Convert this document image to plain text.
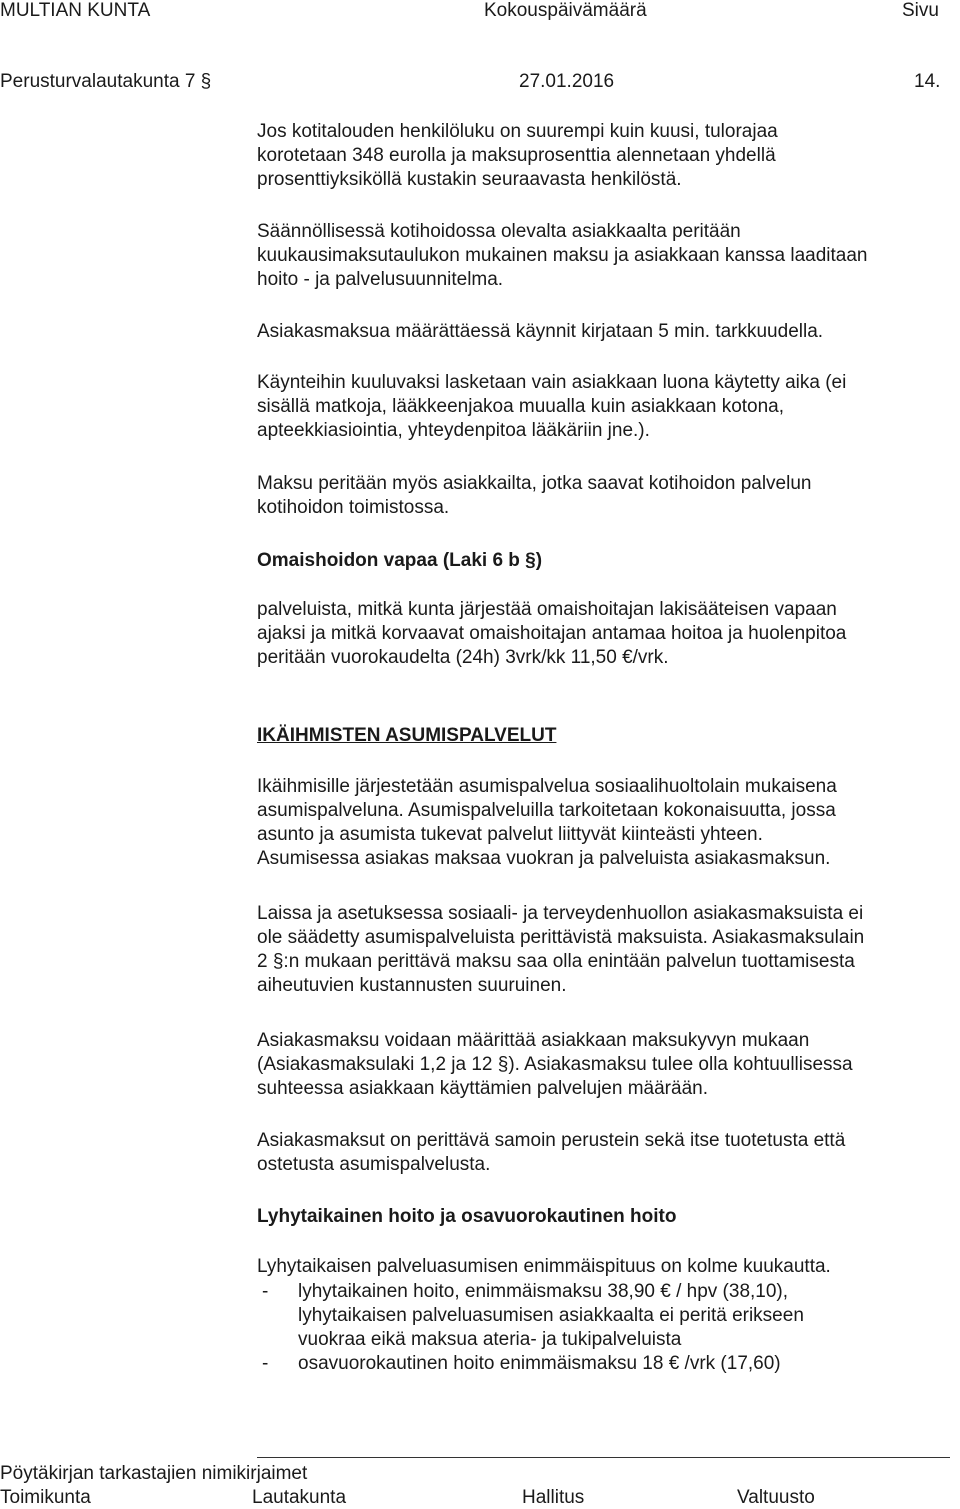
MULTIAN KUNTA	Kokouspäivämäärä	Sivu
Perusturvalautakunta 7 §	27.01.2016	14.
Jos kotitalouden henkilöluku on suurempi kuin kuusi, tulorajaa
korotetaan 348 eurolla ja maksuprosenttia alennetaan yhdellä
prosenttiyksiköllä kustakin seuraavasta henkilöstä.
Säännöllisessä kotihoidossa olevalta asiakkaalta peritään
kuukausimaksutaulukon mukainen maksu ja asiakkaan kanssa laaditaan
hoito - ja palvelusuunnitelma.
Asiakasmaksua määrättäessä käynnit kirjataan 5 min. tarkkuudella.
Käynteihin kuuluvaksi lasketaan vain asiakkaan luona käytetty aika (ei
sisällä matkoja, lääkkeenjakoa muualla kuin asiakkaan kotona,
apteekkiasiointia, yhteydenpitoa lääkäriin jne.).
Maksu peritään myös asiakkailta, jotka saavat kotihoidon palvelun
kotihoidon toimistossa.
Omaishoidon vapaa (Laki 6 b §)
palveluista, mitkä kunta järjestää omaishoitajan lakisääteisen vapaan
ajaksi ja mitkä korvaavat omaishoitajan antamaa hoitoa ja huolenpitoa
peritään vuorokaudelta (24h) 3vrk/kk 11,50 €/vrk.
IKÄIHMISTEN ASUMISPALVELUT
Ikäihmisille järjestetään asumispalvelua sosiaalihuoltolain mukaisena
asumispalveluna. Asumispalveluilla tarkoitetaan kokonaisuutta, jossa
asunto ja asumista tukevat palvelut liittyvät kiinteästi yhteen.
Asumisessa asiakas maksaa vuokran ja palveluista asiakasmaksun.
Laissa ja asetuksessa sosiaali- ja terveydenhuollon asiakasmaksuista ei
ole säädetty asumispalveluista perittävistä maksuista. Asiakasmaksulain
2 §:n mukaan perittävä maksu saa olla enintään palvelun tuottamisesta
aiheutuvien kustannusten suuruinen.
Asiakasmaksu voidaan määrittää asiakkaan maksukyvyn mukaan
(Asiakasmaksulaki 1,2 ja 12 §). Asiakasmaksu tulee olla kohtuullisessa
suhteessa asiakkaan käyttämien palvelujen määrään.
Asiakasmaksut on perittävä samoin perustein sekä itse tuotetusta että
ostetusta asumispalvelusta.
Lyhytaikainen hoito ja osavuorokautinen hoito
Lyhytaikaisen palveluasumisen enimmäispituus on kolme kuukautta.
- lyhytaikainen hoito, enimmäismaksu 38,90 € / hpv (38,10),
lyhytaikaisen palveluasumisen asiakkaalta ei peritä erikseen
vuokraa eikä maksua ateria- ja tukipalveluista
- osavuorokautinen hoito enimmäismaksu 18 € /vrk (17,60)
Pöytäkirjan tarkastajien nimikirjaimet
Toimikunta	Lautakunta	Hallitus	Valtuusto
